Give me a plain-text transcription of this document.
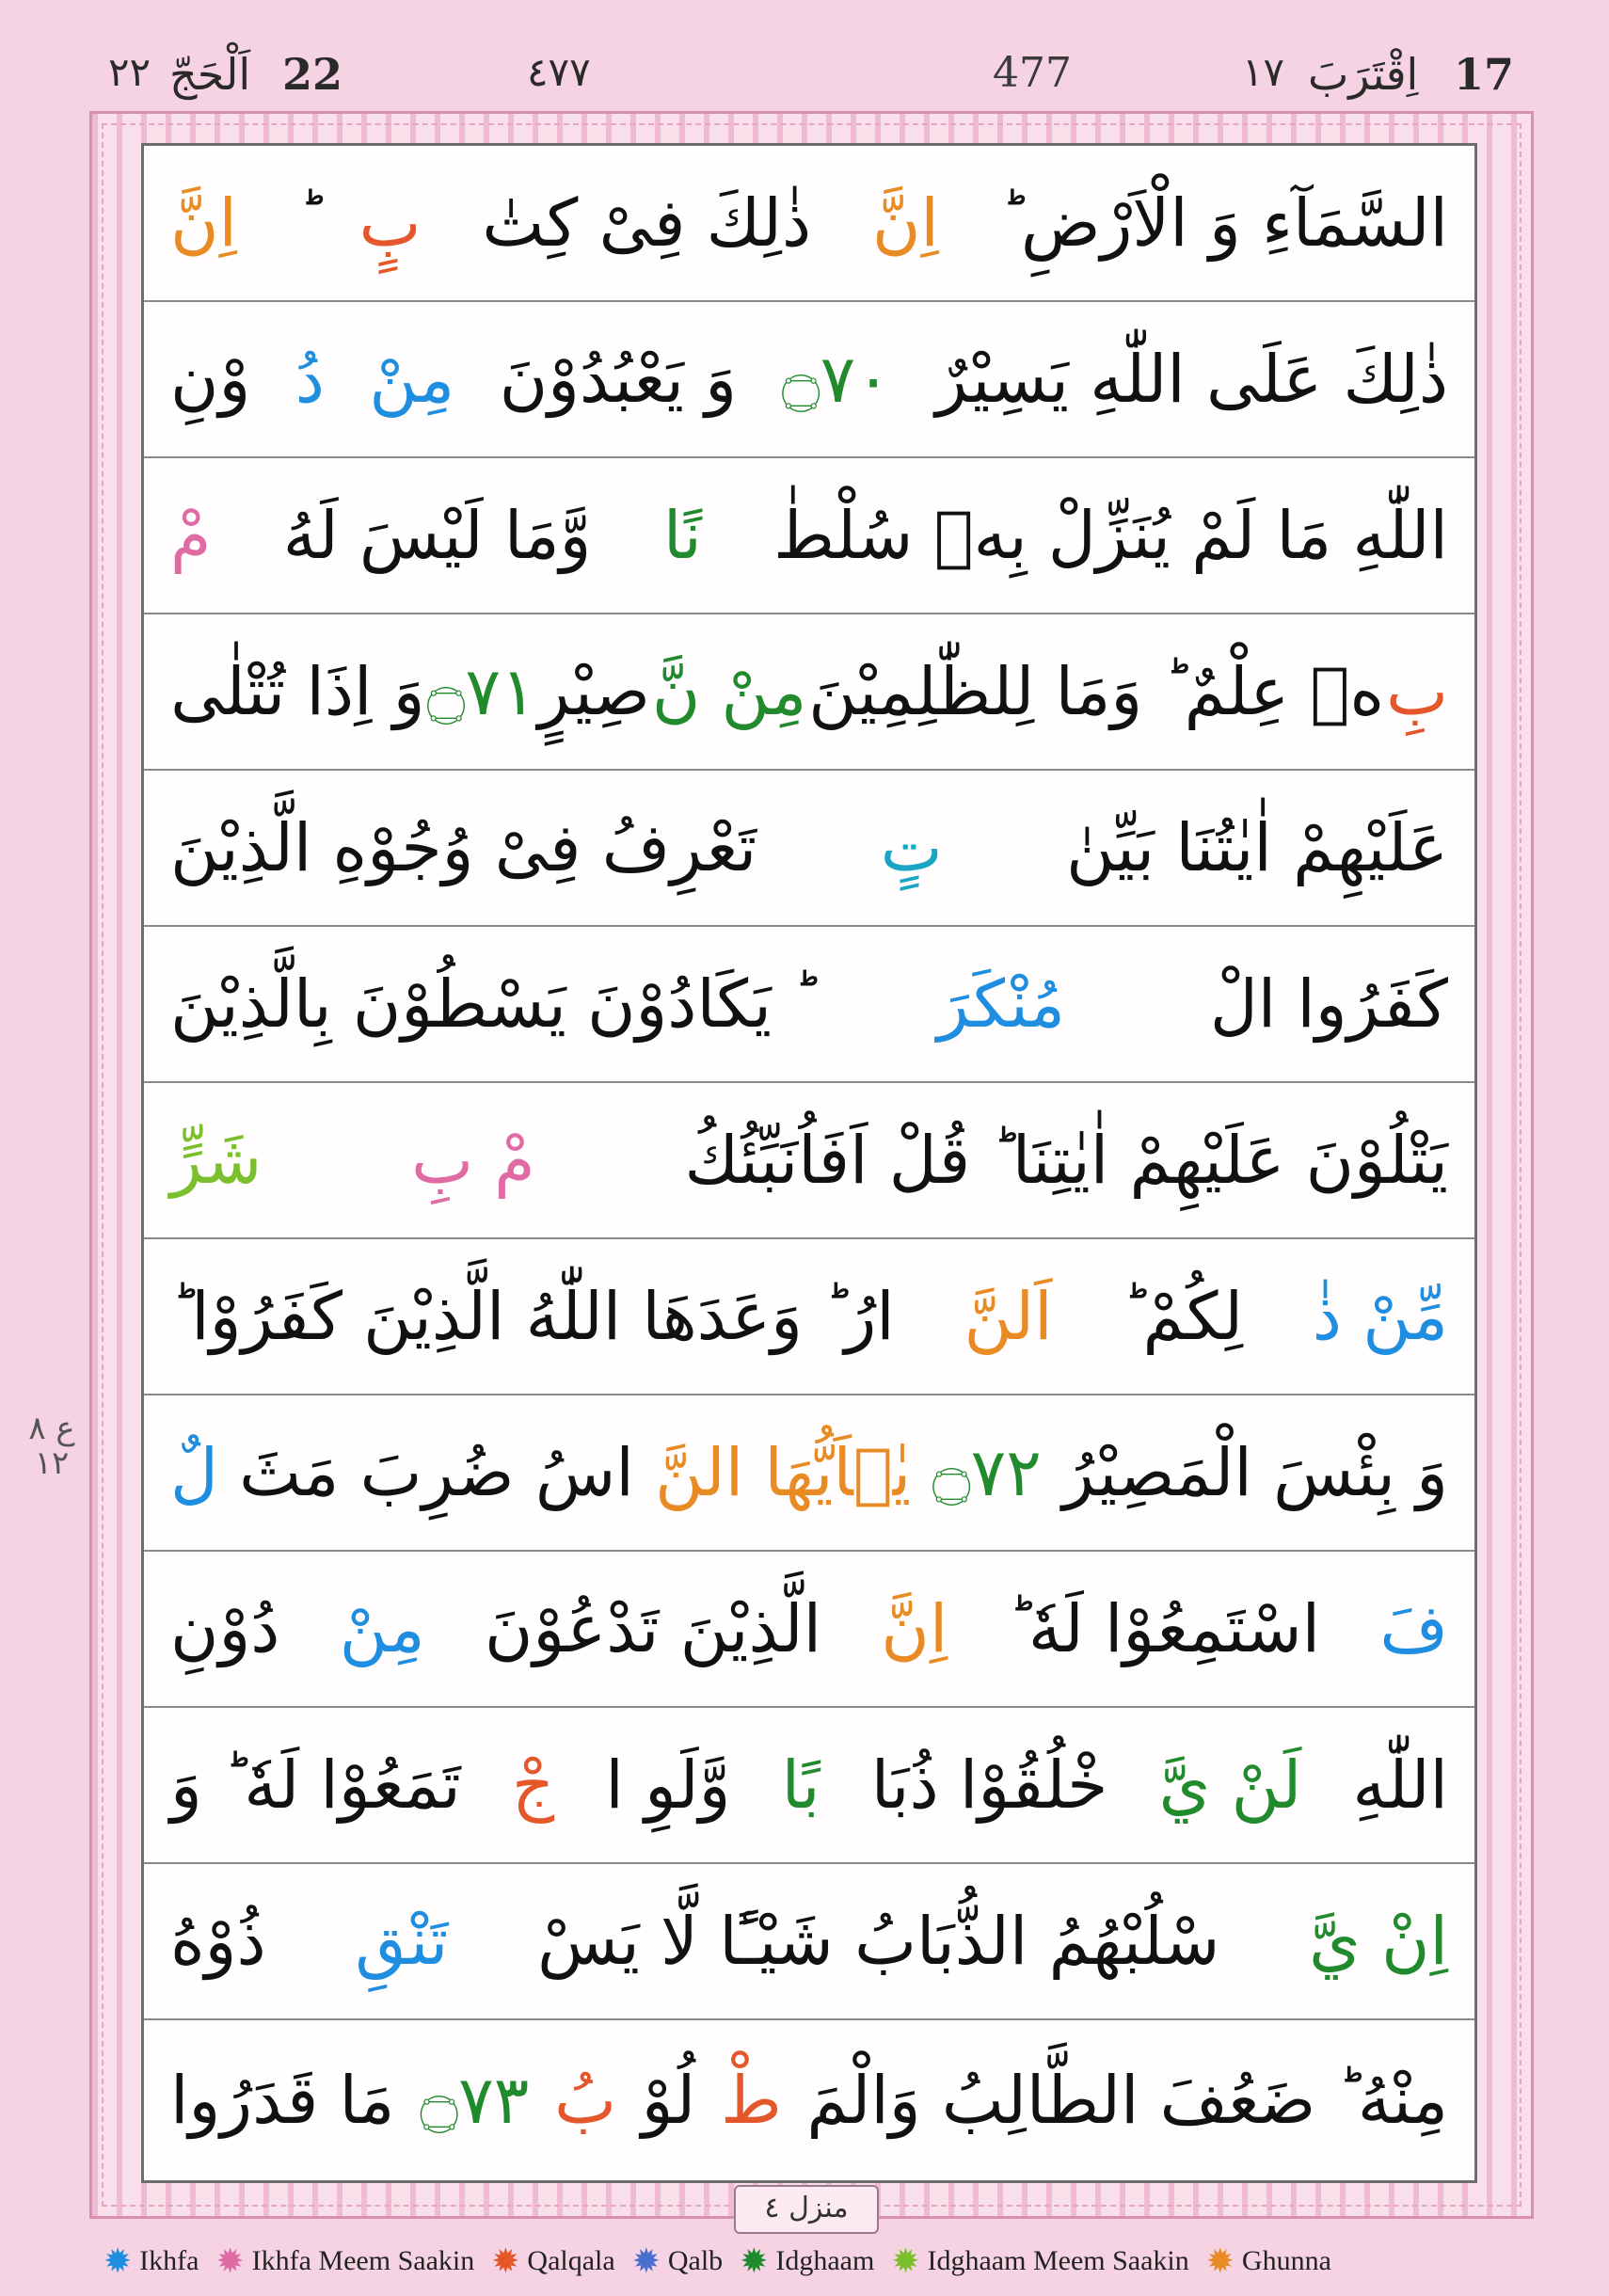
17
اِقْتَرَبَ
١٧
477
٤٧٧
22
اَلْحَجّ
٢٢
السَّمَآءِ وَ الْاَرْضِ ؕ
اِنَّ
ذٰلِكَ فِىْ كِتٰ
بٍ
اِنَّ
ذٰلِكَ عَلَى اللّٰهِ يَسِيْرٌ
۝٧٠
وَ يَعْبُدُوْنَ
مِنْ
دُ
وْنِ
اللّٰهِ مَا لَمْ يُنَزِّلْ بِهٖ سُلْطٰ
نًا
وَّمَا لَيْسَ لَهُ
مْ
بِ
هٖ عِلْمٌ ؕ وَمَا لِلظّٰلِمِيْنَ
مِنْ نَّ
صِيْرٍ
۝٧١
وَ اِذَا تُتْلٰى
عَلَيْهِمْ اٰيٰتُنَا بَيِّنٰ
تٍ
تَعْرِفُ فِىْ وُجُوْهِ الَّذِيْنَ
كَفَرُوا الْ
مُنْكَرَ
ؕ يَكَادُوْنَ يَسْطُوْنَ بِالَّذِيْنَ
يَتْلُوْنَ عَلَيْهِمْ اٰيٰتِنَا ؕ قُلْ اَفَاُنَبِّئُكُ
مْ بِ
شَرٍّ
مِّنْ ذٰ
لِكُمْ ؕ
اَلنَّ
ارُ ؕ وَعَدَهَا اللّٰهُ الَّذِيْنَ كَفَرُوْا ؕ
وَ بِئْسَ الْمَصِيْرُ
۝٧٢
يٰۤاَيُّهَا النَّ
اسُ ضُرِبَ مَثَ
لٌ
فَ
اسْتَمِعُوْا لَهٗ ؕ
اِنَّ
الَّذِيْنَ تَدْعُوْنَ
مِنْ
دُوْنِ
اللّٰهِ
لَنْ يَّ
خْلُقُوْا ذُبَا
بًا
وَّلَوِ ا
جْ
تَمَعُوْا لَهٗ ؕ وَ
اِنْ يَّ
سْلُبْهُمُ الذُّبَابُ شَيْـًٔا لَّا يَسْ
تَنْقِ
ذُوْهُ
مِنْهُ ؕ ضَعُفَ الطَّالِبُ وَالْمَ
طْ
لُوْ
بُ
۝٧٣
مَا قَدَرُوا
ع ٨
١٢
منزل ٤
✹ Ikhfa ✹ Ikhfa Meem Saakin ✹ Qalqala ✹ Qalb ✹ Idghaam ✹ Idghaam Meem Saakin ✹ Ghunna
